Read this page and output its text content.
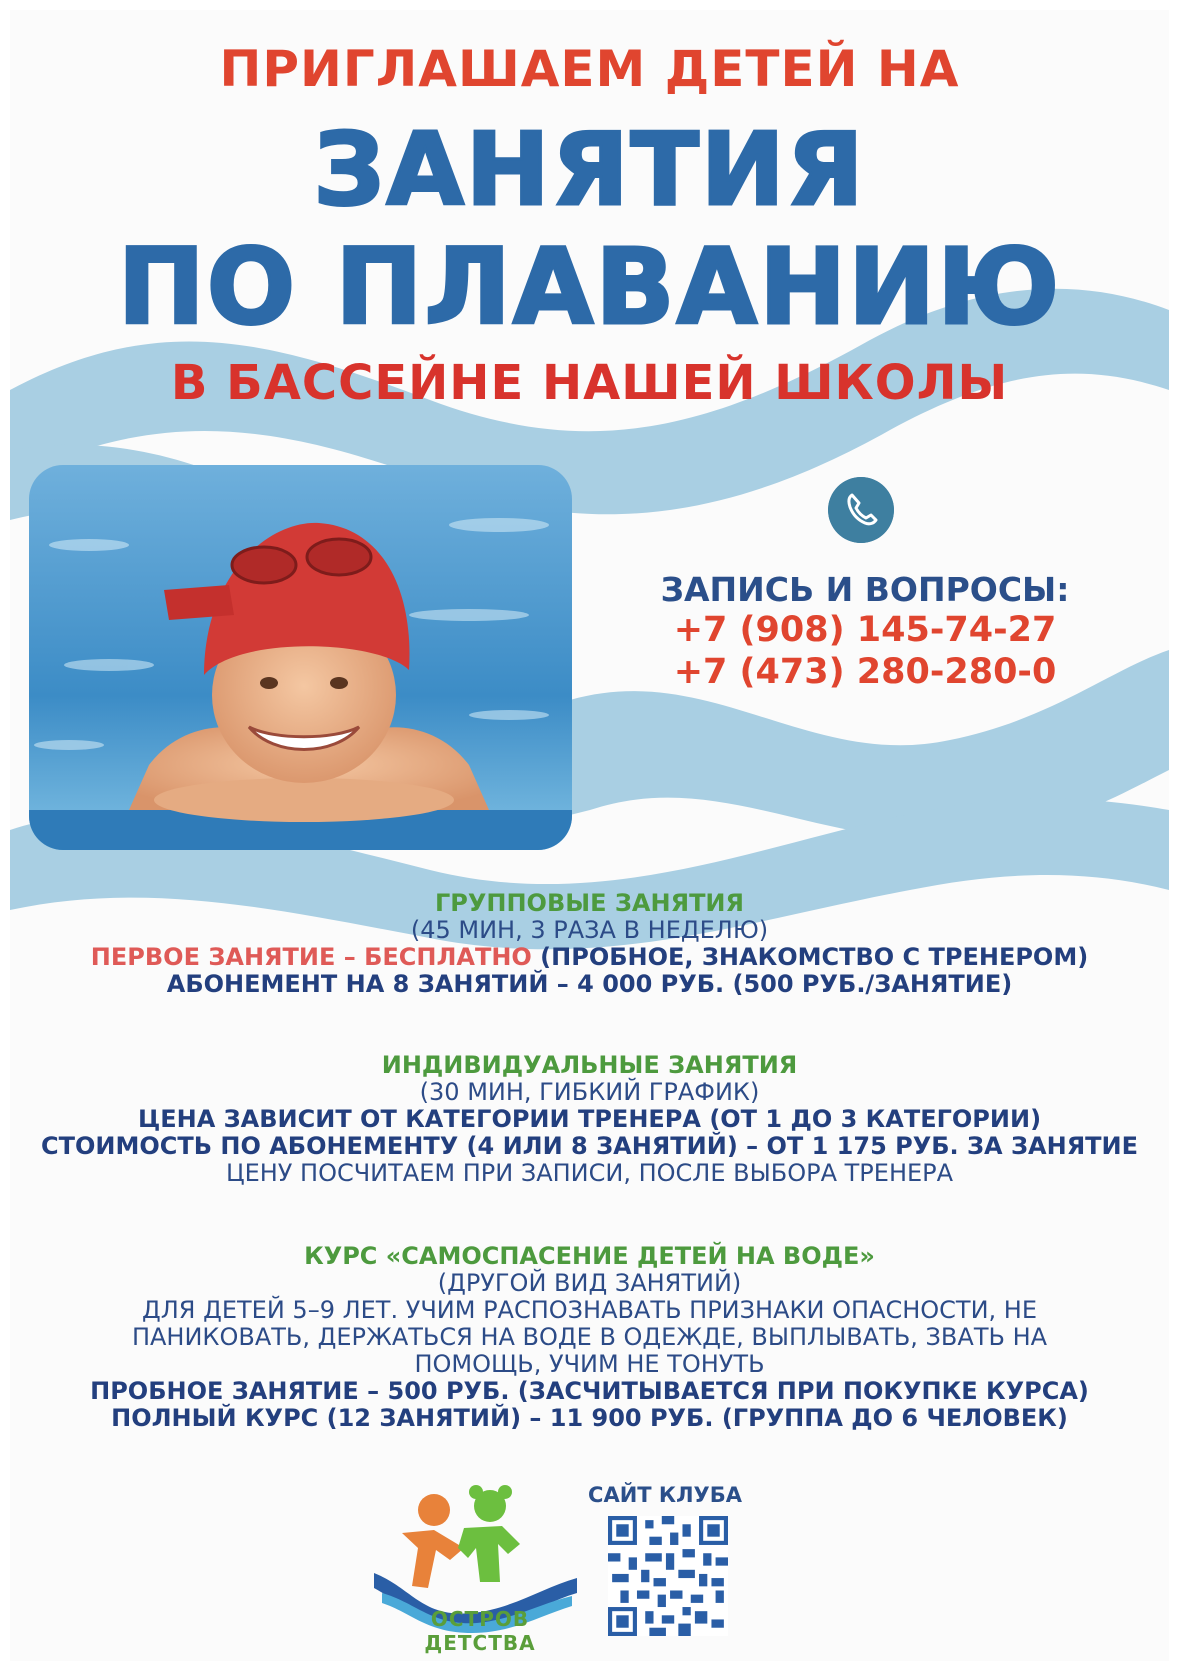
ПРИГЛАШАЕМ ДЕТЕЙ НА
ЗАНЯТИЯ
ПО ПЛАВАНИЮ
В БАССЕЙНЕ НАШЕЙ ШКОЛЫ
ЗАПИСЬ И ВОПРОСЫ:
+7 (908) 145-74-27
+7 (473) 280-280-0

ГРУППОВЫЕ ЗАНЯТИЯ

(45 МИН, 3 РАЗА В НЕДЕЛЮ)

ПЕРВОЕ ЗАНЯТИЕ – БЕСПЛАТНО (ПРОБНОЕ, ЗНАКОМСТВО С ТРЕНЕРОМ)

АБОНЕМЕНТ НА 8 ЗАНЯТИЙ – 4 000 РУБ. (500 РУБ./ЗАНЯТИЕ)

ИНДИВИДУАЛЬНЫЕ ЗАНЯТИЯ

(30 МИН, ГИБКИЙ ГРАФИК)

ЦЕНА ЗАВИСИТ ОТ КАТЕГОРИИ ТРЕНЕРА (ОТ 1 ДО 3 КАТЕГОРИИ)

СТОИМОСТЬ ПО АБОНЕМЕНТУ (4 ИЛИ 8 ЗАНЯТИЙ) – ОТ 1 175 РУБ. ЗА ЗАНЯТИЕ

ЦЕНУ ПОСЧИТАЕМ ПРИ ЗАПИСИ, ПОСЛЕ ВЫБОРА ТРЕНЕРА

КУРС «САМОСПАСЕНИЕ ДЕТЕЙ НА ВОДЕ»

(ДРУГОЙ ВИД ЗАНЯТИЙ)

ДЛЯ ДЕТЕЙ 5–9 ЛЕТ. УЧИМ РАСПОЗНАВАТЬ ПРИЗНАКИ ОПАСНОСТИ, НЕ

ПАНИКОВАТЬ, ДЕРЖАТЬСЯ НА ВОДЕ В ОДЕЖДЕ, ВЫПЛЫВАТЬ, ЗВАТЬ НА

ПОМОЩЬ, УЧИМ НЕ ТОНУТЬ

ПРОБНОЕ ЗАНЯТИЕ – 500 РУБ. (ЗАСЧИТЫВАЕТСЯ ПРИ ПОКУПКЕ КУРСА)

ПОЛНЫЙ КУРС (12 ЗАНЯТИЙ) – 11 900 РУБ. (ГРУППА ДО 6 ЧЕЛОВЕК)

ОСТРОВ ДЕТСТВА
САЙТ КЛУБА
